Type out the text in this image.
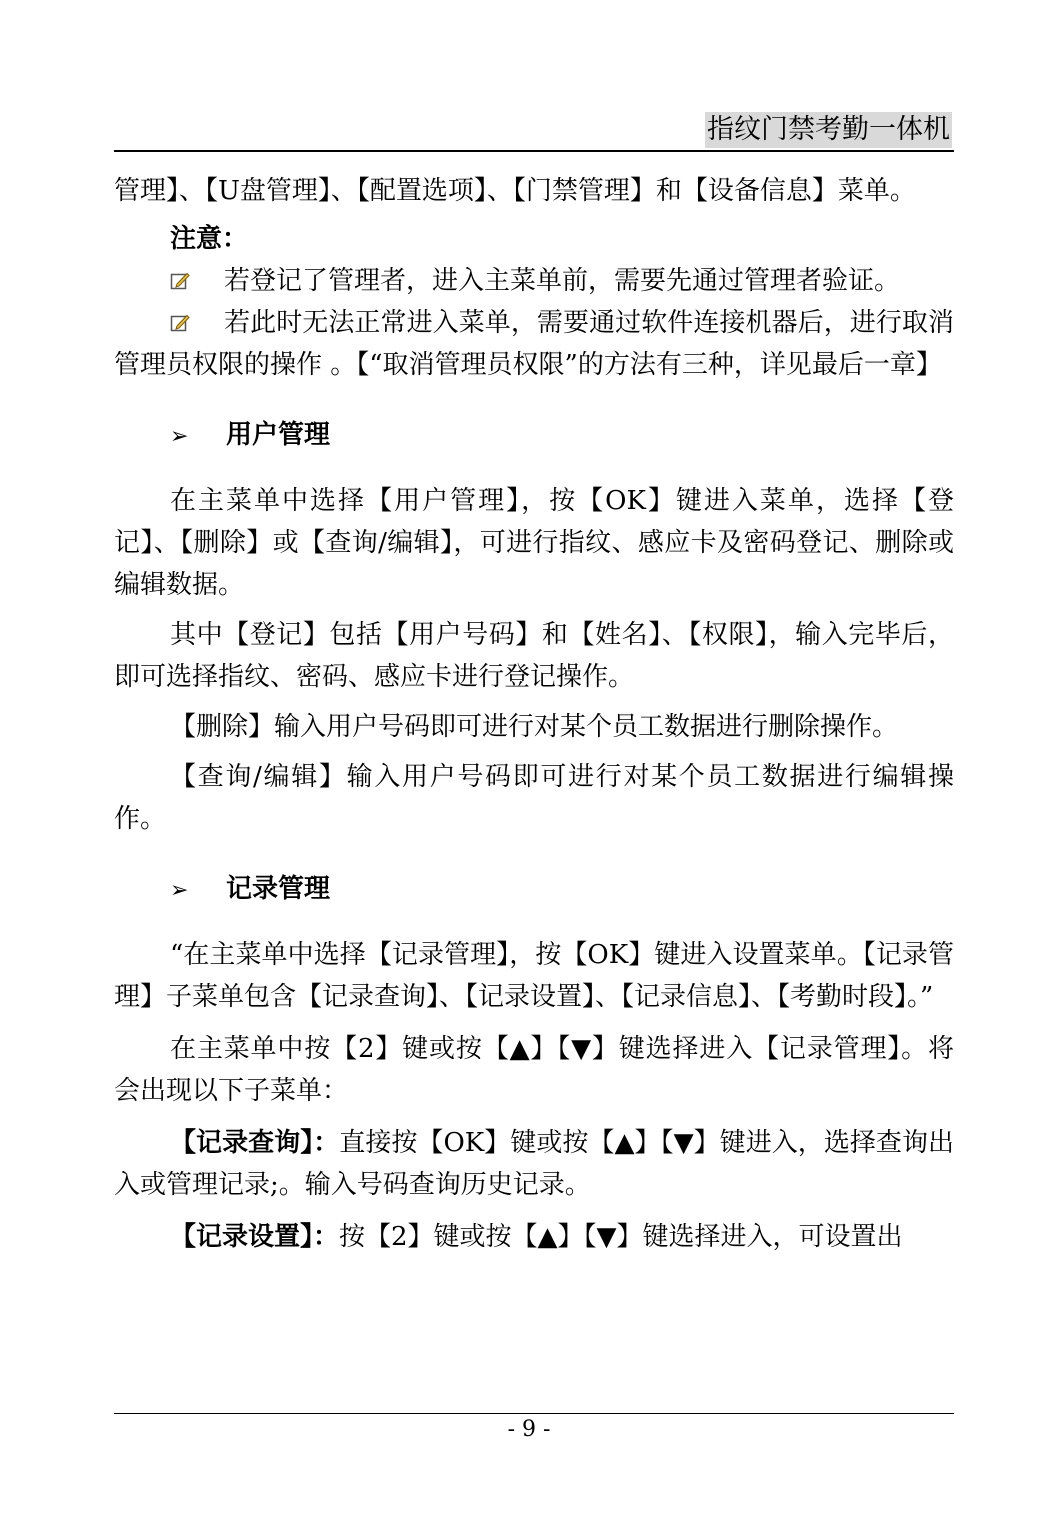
指纹门禁考勤一体机

管理】、【U盘管理】、【配置选项】、【门禁管理】和【设备信息】菜单。

注意：

若登记了管理者，进入主菜单前，需要先通过管理者验证。

若此时无法正常进入菜单，需要通过软件连接机器后，进行取消管理员权限的操作 。【“取消管理员权限”的方法有三种，详见最后一章】

➢ 用户管理

在主菜单中选择【用户管理】，按【OK】键进入菜单，选择【登记】、【删除】或【查询/编辑】，可进行指纹、感应卡及密码登记、删除或编辑数据。

其中【登记】包括【用户号码】和【姓名】、【权限】，输入完毕后，即可选择指纹、密码、感应卡进行登记操作。

【删除】输入用户号码即可进行对某个员工数据进行删除操作。

【查询/编辑】输入用户号码即可进行对某个员工数据进行编辑操作。

➢ 记录管理

“在主菜单中选择【记录管理】，按【OK】键进入设置菜单。【记录管理】子菜单包含【记录查询】、【记录设置】、【记录信息】、【考勤时段】。”

在主菜单中按【2】键或按【▲】【▼】键选择进入【记录管理】。将会出现以下子菜单：

【记录查询】：直接按【OK】键或按【▲】【▼】键进入，选择查询出入或管理记录;。输入号码查询历史记录。

【记录设置】：按【2】键或按【▲】【▼】键选择进入，可设置出

- 9 -
